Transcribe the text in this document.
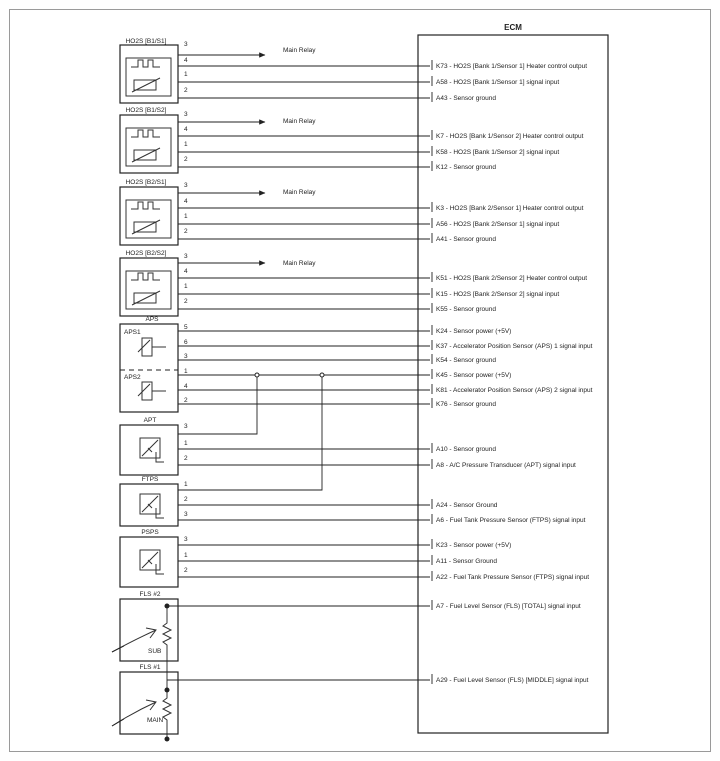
ECM
HO2S [B1/S1]
Main Relay
3
4
1
2
K73 - HO2S [Bank 1/Sensor 1] Heater control output
A58 - HO2S [Bank 1/Sensor 1] signal input
A43 - Sensor ground
HO2S [B1/S2]
Main Relay
3
4
1
2
K7 - HO2S [Bank 1/Sensor 2] Heater control output
K58 - HO2S [Bank 1/Sensor 2] signal input
K12 - Sensor ground
HO2S [B2/S1]
Main Relay
3
4
1
2
K3 - HO2S [Bank 2/Sensor 1] Heater control output
A56 - HO2S [Bank 2/Sensor 1] signal input
A41 - Sensor ground
HO2S [B2/S2]
Main Relay
3
4
1
2
K51 - HO2S [Bank 2/Sensor 2] Heater control output
K15 - HO2S [Bank 2/Sensor 2] signal input
K55 - Sensor ground
APS
APS1
APS2
5
6
3
1
4
2
K24 - Sensor power (+5V)
K37 - Accelerator Position Sensor (APS) 1 signal input
K54 - Sensor ground
K45 - Sensor power (+5V)
K81 - Accelerator Position Sensor (APS) 2 signal input
K76 - Sensor ground
APT
3
1
2
A10 - Sensor ground
A8 - A/C Pressure Transducer (APT) signal input
FTPS
1
2
3
A24 - Sensor Ground
A6 - Fuel Tank Pressure Sensor (FTPS) signal input
PSPS
3
1
2
K23 - Sensor power (+5V)
A11 - Sensor Ground
A22 - Fuel Tank Pressure Sensor (FTPS) signal input
FLS #2
SUB
A7 - Fuel Level Sensor (FLS) [TOTAL] signal input
FLS #1
MAIN
A29 - Fuel Level Sensor (FLS) [MIDDLE] signal input
